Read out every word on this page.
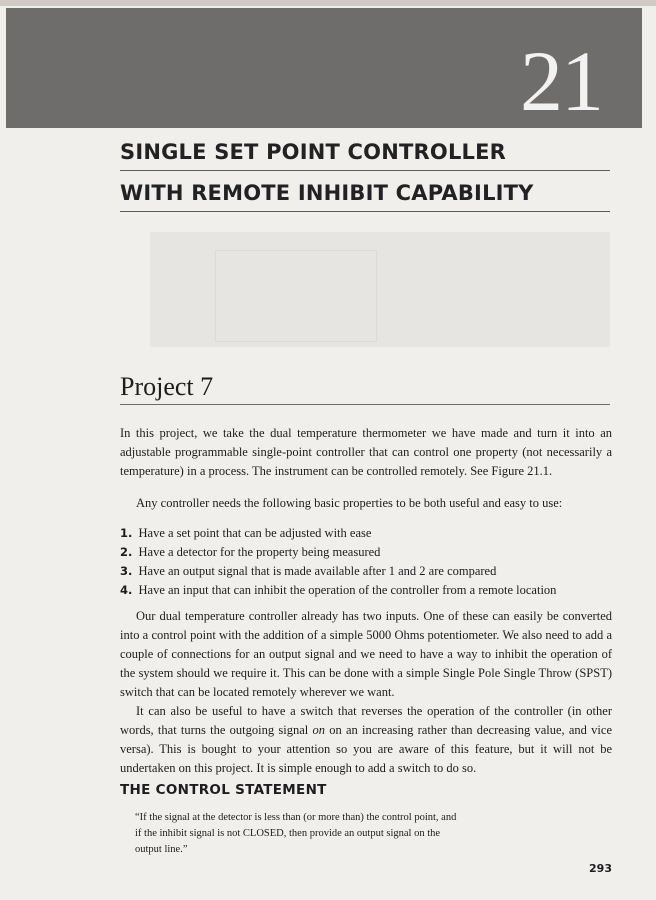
21
SINGLE SET POINT CONTROLLER
WITH REMOTE INHIBIT CAPABILITY
Project 7

In this project, we take the dual temperature thermometer we have made and turn it into an adjustable programmable single-point controller that can control one property (not necessarily a temperature) in a process. The instrument can be controlled remotely. See Figure 21.1.

Any controller needs the following basic properties to be both useful and easy to use:

1. Have a set point that can be adjusted with ease
2. Have a detector for the property being measured
3. Have an output signal that is made available after 1 and 2 are compared
4. Have an input that can inhibit the operation of the controller from a remote location

Our dual temperature controller already has two inputs. One of these can easily be converted into a control point with the addition of a simple 5000 Ohms potentiometer. We also need to add a couple of connections for an output signal and we need to have a way to inhibit the operation of the system should we require it. This can be done with a simple Single Pole Single Throw (SPST) switch that can be located remotely wherever we want.

It can also be useful to have a switch that reverses the operation of the controller (in other words, that turns the outgoing signal on on an increasing rather than decreasing value, and vice versa). This is bought to your attention so you are aware of this feature, but it will not be undertaken on this project. It is simple enough to add a switch to do so.

THE CONTROL STATEMENT

“If the signal at the detector is less than (or more than) the control point, and if the inhibit signal is not CLOSED, then provide an output signal on the output line.”

293
